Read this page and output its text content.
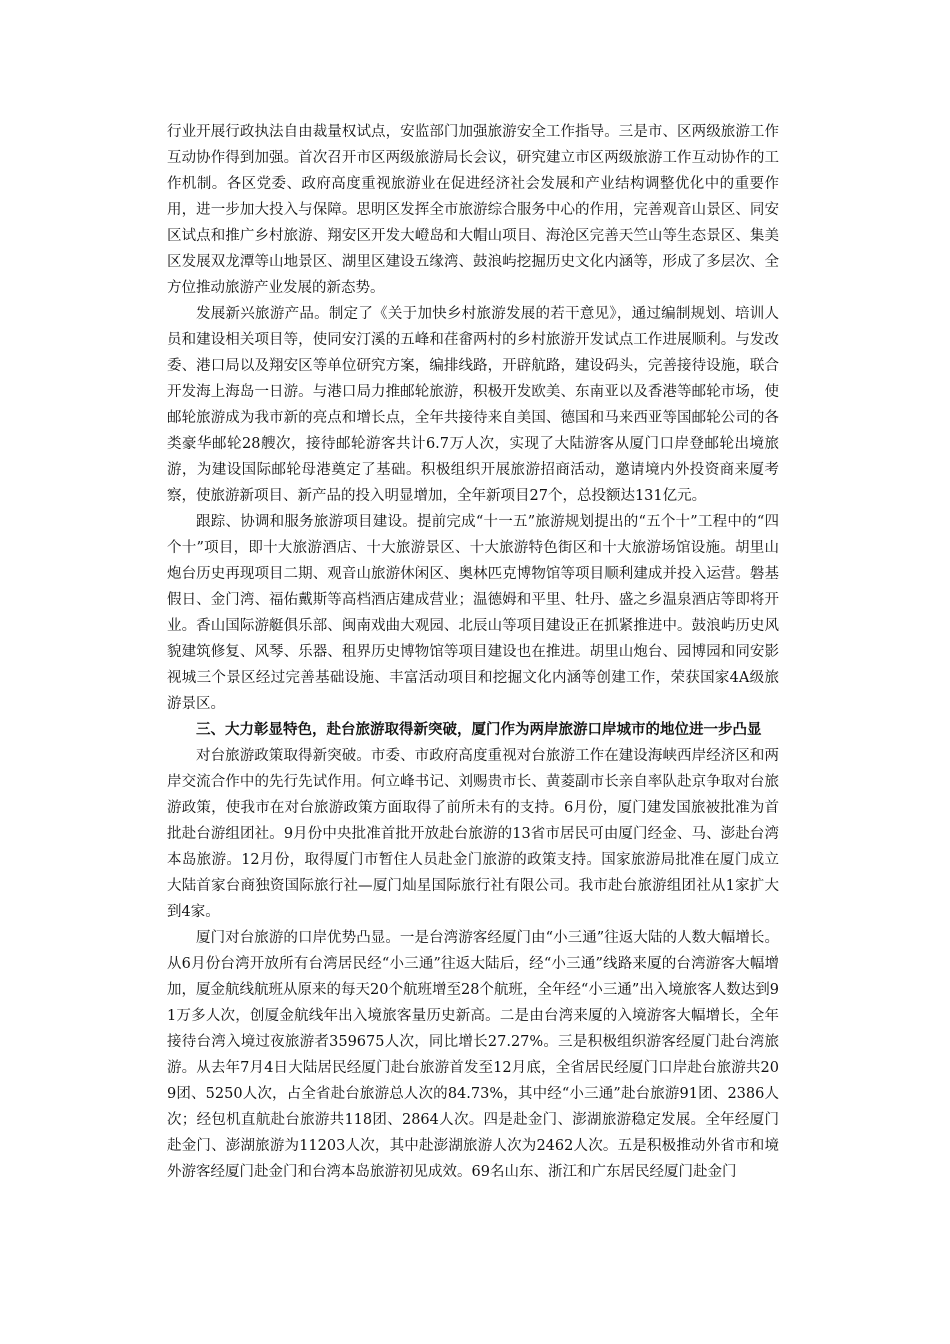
行业开展行政执法自由裁量权试点，安监部门加强旅游安全工作指导。三是市、区两级旅游工作互动协作得到加强。首次召开市区两级旅游局长会议，研究建立市区两级旅游工作互动协作的工作机制。各区党委、政府高度重视旅游业在促进经济社会发展和产业结构调整优化中的重要作用，进一步加大投入与保障。思明区发挥全市旅游综合服务中心的作用，完善观音山景区、同安区试点和推广乡村旅游、翔安区开发大嶝岛和大帽山项目、海沧区完善天竺山等生态景区、集美区发展双龙潭等山地景区、湖里区建设五缘湾、鼓浪屿挖掘历史文化内涵等，形成了多层次、全方位推动旅游产业发展的新态势。

发展新兴旅游产品。制定了《关于加快乡村旅游发展的若干意见》，通过编制规划、培训人员和建设相关项目等，使同安汀溪的五峰和荏畲两村的乡村旅游开发试点工作进展顺利。与发改委、港口局以及翔安区等单位研究方案，编排线路，开辟航路，建设码头，完善接待设施，联合开发海上海岛一日游。与港口局力推邮轮旅游，积极开发欧美、东南亚以及香港等邮轮市场，使邮轮旅游成为我市新的亮点和增长点，全年共接待来自美国、德国和马来西亚等国邮轮公司的各类豪华邮轮28艘次，接待邮轮游客共计6.7万人次，实现了大陆游客从厦门口岸登邮轮出境旅游，为建设国际邮轮母港奠定了基础。积极组织开展旅游招商活动，邀请境内外投资商来厦考察，使旅游新项目、新产品的投入明显增加，全年新项目27个，总投额达131亿元。

跟踪、协调和服务旅游项目建设。提前完成“十一五”旅游规划提出的“五个十”工程中的“四个十”项目，即十大旅游酒店、十大旅游景区、十大旅游特色街区和十大旅游场馆设施。胡里山炮台历史再现项目二期、观音山旅游休闲区、奥林匹克博物馆等项目顺利建成并投入运营。磐基假日、金门湾、福佑戴斯等高档酒店建成营业；温德姆和平里、牡丹、盛之乡温泉酒店等即将开业。香山国际游艇俱乐部、闽南戏曲大观园、北辰山等项目建设正在抓紧推进中。鼓浪屿历史风貌建筑修复、风琴、乐器、租界历史博物馆等项目建设也在推进。胡里山炮台、园博园和同安影视城三个景区经过完善基础设施、丰富活动项目和挖掘文化内涵等创建工作，荣获国家4A级旅游景区。

三、大力彰显特色，赴台旅游取得新突破，厦门作为两岸旅游口岸城市的地位进一步凸显

对台旅游政策取得新突破。市委、市政府高度重视对台旅游工作在建设海峡西岸经济区和两岸交流合作中的先行先试作用。何立峰书记、刘赐贵市长、黄菱副市长亲自率队赴京争取对台旅游政策，使我市在对台旅游政策方面取得了前所未有的支持。6月份，厦门建发国旅被批准为首批赴台游组团社。9月份中央批准首批开放赴台旅游的13省市居民可由厦门经金、马、澎赴台湾本岛旅游。12月份，取得厦门市暂住人员赴金门旅游的政策支持。国家旅游局批准在厦门成立大陆首家台商独资国际旅行社—厦门灿星国际旅行社有限公司。我市赴台旅游组团社从1家扩大到4家。

厦门对台旅游的口岸优势凸显。一是台湾游客经厦门由“小三通”往返大陆的人数大幅增长。从6月份台湾开放所有台湾居民经“小三通”往返大陆后，经“小三通”线路来厦的台湾游客大幅增加，厦金航线航班从原来的每天20个航班增至28个航班，全年经“小三通”出入境旅客人数达到91万多人次，创厦金航线年出入境旅客量历史新高。二是由台湾来厦的入境游客大幅增长，全年接待台湾入境过夜旅游者359675人次，同比增长27.27%。三是积极组织游客经厦门赴台湾旅游。从去年7月4日大陆居民经厦门赴台旅游首发至12月底，全省居民经厦门口岸赴台旅游共209团、5250人次，占全省赴台旅游总人次的84.73%，其中经“小三通”赴台旅游91团、2386人次；经包机直航赴台旅游共118团、2864人次。四是赴金门、澎湖旅游稳定发展。全年经厦门赴金门、澎湖旅游为11203人次，其中赴澎湖旅游人次为2462人次。五是积极推动外省市和境外游客经厦门赴金门和台湾本岛旅游初见成效。69名山东、浙江和广东居民经厦门赴金门
